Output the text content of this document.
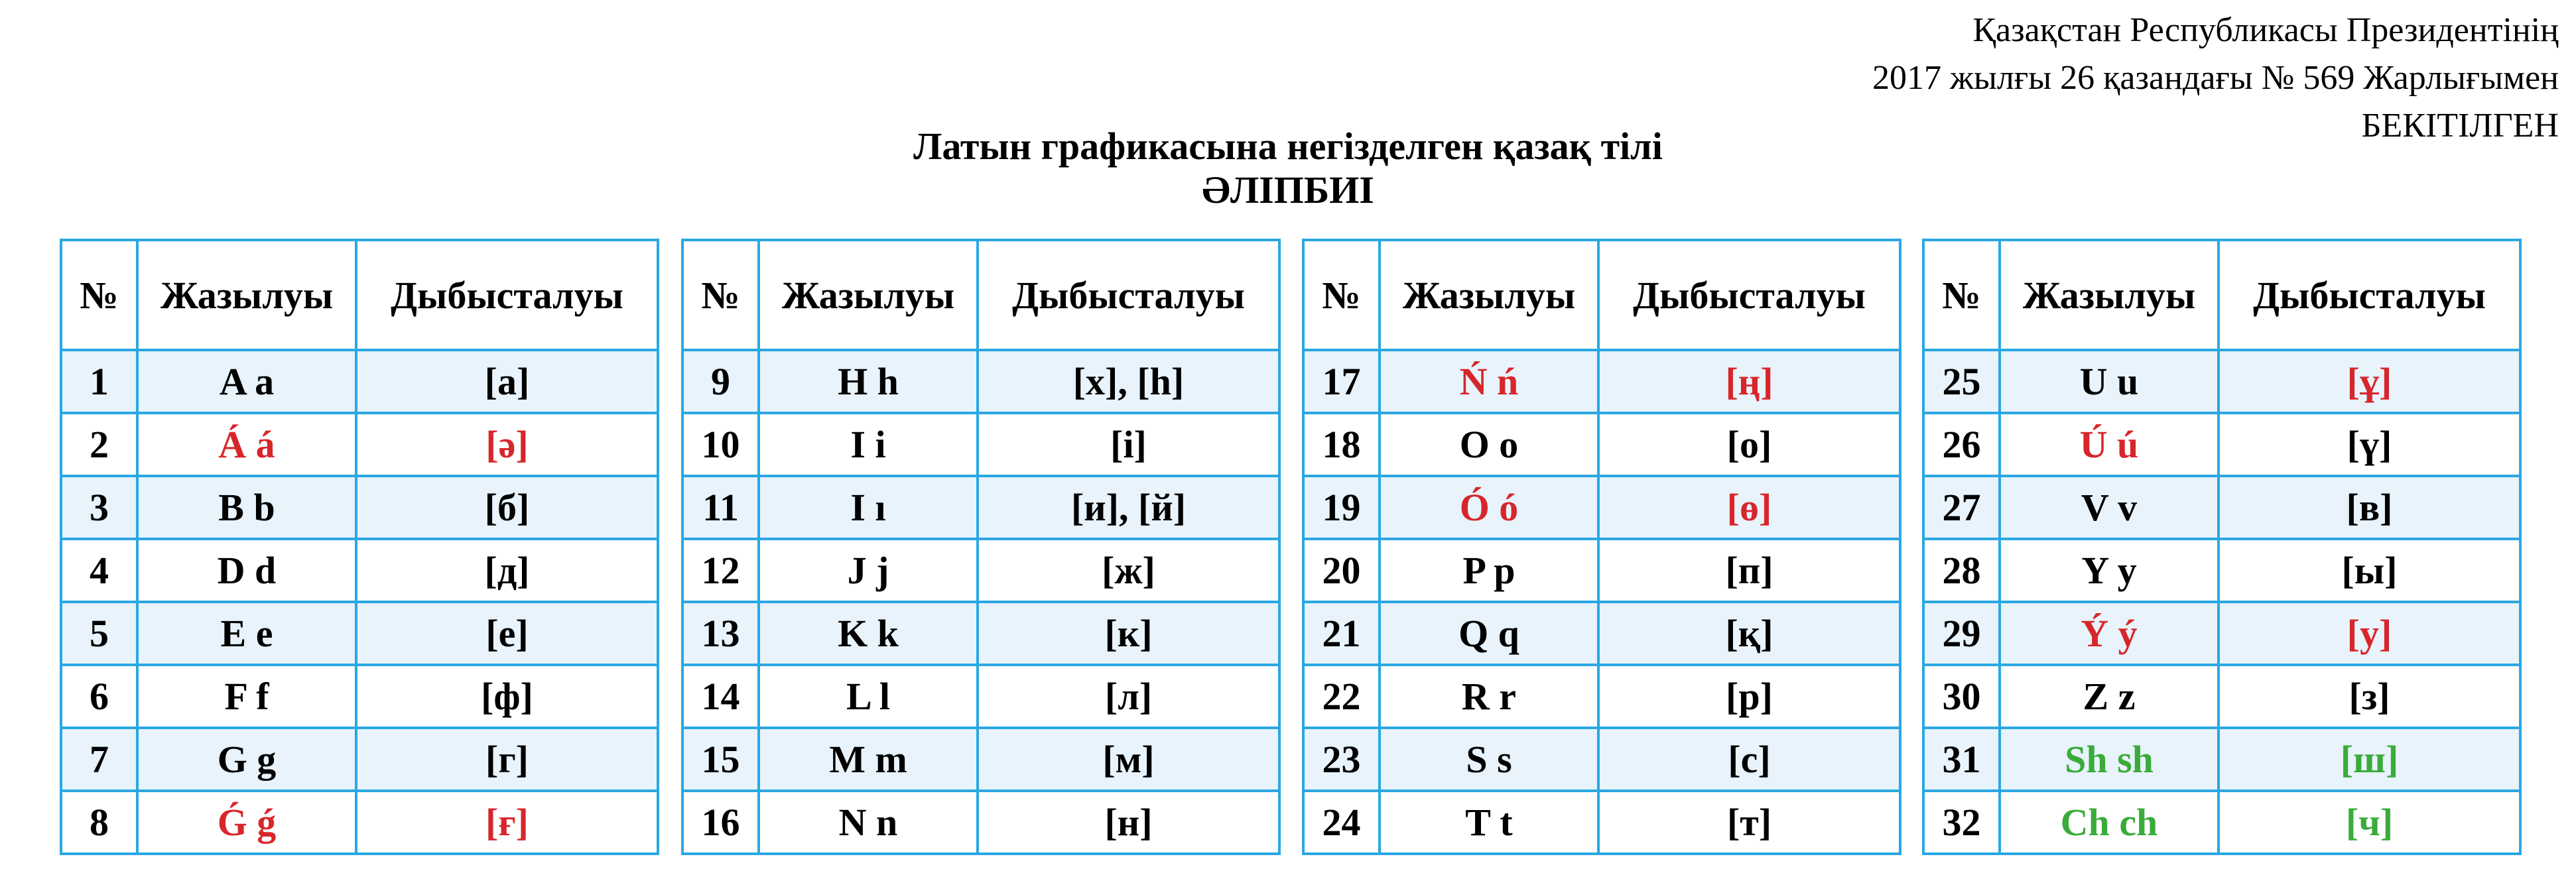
Қазақстан Республикасы Президентінің
2017 жылғы 26 қазандағы № 569 Жарлығымен
БЕКІТІЛГЕН
Латын графикасына негізделген қазақ тілі
ӘЛІПБИІ
№	Жазылуы	Дыбысталуы
1	A a	[а]
2	Á á	[ә]
3	B b	[б]
4	D d	[д]
5	E e	[е]
6	F f	[ф]
7	G g	[г]
8	Ǵ ǵ	[ғ]
№	Жазылуы	Дыбысталуы
9	H h	[х], [һ]
10	I i	[і]
11	I ı	[и], [й]
12	J j	[ж]
13	K k	[к]
14	L l	[л]
15	M m	[м]
16	N n	[н]
№	Жазылуы	Дыбысталуы
17	Ń ń	[ң]
18	O o	[о]
19	Ó ó	[ө]
20	P p	[п]
21	Q q	[қ]
22	R r	[р]
23	S s	[с]
24	T t	[т]
№	Жазылуы	Дыбысталуы
25	U u	[ұ]
26	Ú ú	[ү]
27	V v	[в]
28	Y y	[ы]
29	Ý ý	[у]
30	Z z	[з]
31	Sh sh	[ш]
32	Ch ch	[ч]
